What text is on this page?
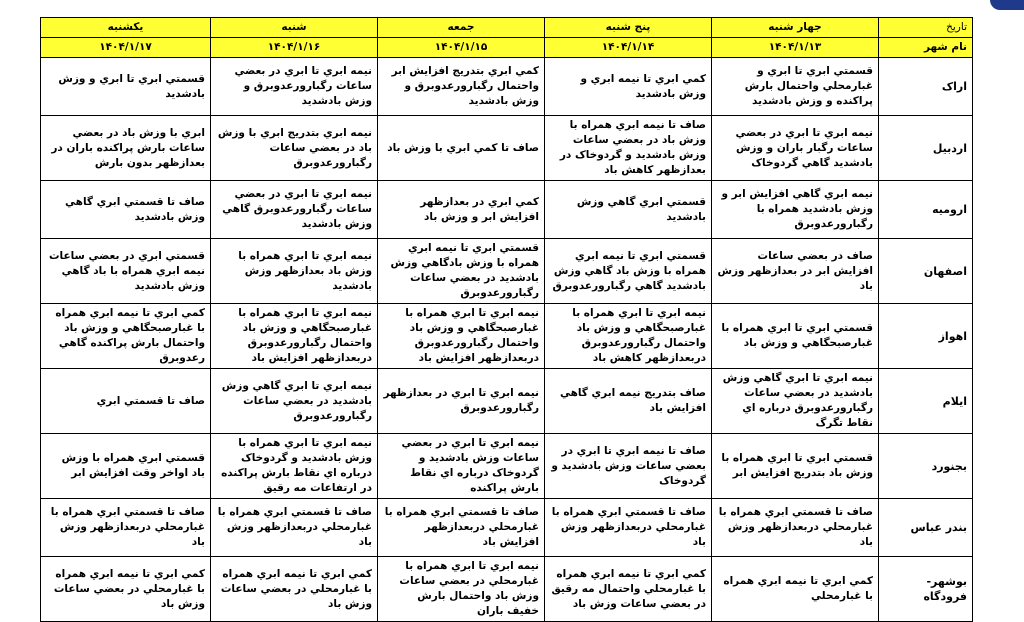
تاریخ	جهار شنبه	پنج شنبه	جمعه	شنبه	یکشنبه
نام شهر	۱۴۰۴/۱/۱۳	۱۴۰۴/۱/۱۴	۱۴۰۴/۱/۱۵	۱۴۰۴/۱/۱۶	۱۴۰۴/۱/۱۷
اراک	قسمتي ابري تا ابري و غبارمحلي واحتمال بارش پراکنده و وزش بادشديد	کمي ابري تا نيمه ابري و وزش بادشديد	کمي ابري بتدريج افزايش ابر واحتمال رگبارورعدوبرق و وزش بادشديد	نيمه ابري تا ابري در بعضي ساعات رگبارورعدوبرق و وزش بادشديد	قسمتي ابري تا ابري و وزش بادشديد
اردبيل	نيمه ابري تا ابري در بعضي ساعات رگبار باران و وزش بادشديد گاهي گردوخاک	صاف تا نيمه ابري همراه با وزش باد در بعضي ساعات وزش بادشديد و گردوخاک در بعدازظهر کاهش باد	صاف تا کمي ابري با وزش باد	نيمه ابري بتدريج ابري با وزش باد در بعضي ساعات رگبارورعدوبرق	ابري با وزش باد در بعضي ساعات بارش پراکنده باران در بعدازظهر بدون بارش
اروميه	نيمه ابري گاهي افزايش ابر و وزش بادشديد همراه با رگبارورعدوبرق	قسمتي ابري گاهي وزش بادشديد	کمي ابري در بعدازظهر افزايش ابر و وزش باد	نيمه ابري تا ابري در بعضي ساعات رگبارورعدوبرق گاهي وزش بادشديد	صاف تا قسمتي ابري گاهي وزش بادشديد
اصفهان	صاف در بعضي ساعات افزايش ابر در بعدازظهر وزش باد	قسمتي ابري تا نيمه ابري همراه با وزش باد گاهي وزش بادشديد گاهي رگبارورعدوبرق	قسمتي ابري تا نيمه ابري همراه با وزش بادگاهي وزش بادشديد در بعضي ساعات رگبارورعدوبرق	نيمه ابري تا ابري همراه با وزش باد بعدازظهر وزش بادشديد	قسمتي ابري در بعضي ساعات نيمه ابري همراه با باد گاهي وزش بادشديد
اهواز	قسمتي ابري تا ابري همراه با غبارصبحگاهي و وزش باد	نيمه ابري تا ابري همراه با غبارصبحگاهي و وزش باد واحتمال رگبارورعدوبرق دربعدازظهر کاهش باد	نيمه ابري تا ابري همراه با غبارصبحگاهي و وزش باد واحتمال رگبارورعدوبرق دربعدازظهر افزايش باد	نيمه ابري تا ابري همراه با غبارصبحگاهي و وزش باد واحتمال رگبارورعدوبرق دربعدازظهر افزايش باد	کمي ابري تا نيمه ابري همراه با غبارصبحگاهي و وزش باد واحتمال بارش پراکنده گاهي رعدوبرق
ايلام	نيمه ابري تا ابري گاهي وزش بادشديد در بعضي ساعات رگبارورعدوبرق درباره اي نقاط تگرگ	صاف بتدريج نيمه ابري گاهي افزايش باد	نيمه ابري تا ابري در بعدازظهر رگبارورعدوبرق	نيمه ابري تا ابري گاهي وزش بادشديد در بعضي ساعات رگبارورعدوبرق	صاف تا قسمتي ابري
بجنورد	قسمتي ابري تا ابري همراه با وزش باد بتدريج افزايش ابر	صاف تا نيمه ابري تا ابري در بعضي ساعات وزش بادشديد و گردوخاک	نيمه ابري تا ابري در بعضي ساعات وزش بادشديد و گردوخاک درباره اي نقاط بارش پراکنده	نيمه ابري تا ابري همراه با وزش بادشديد و گردوخاک درباره اي نقاط بارش پراکنده در ارتفاعات مه رقيق	قسمتي ابري همراه با وزش باد اواخر وقت افزايش ابر
بندر عباس	صاف تا قسمتي ابري همراه با غبارمحلي دربعدازظهر وزش باد	صاف تا قسمتي ابري همراه با غبارمحلي دربعدازظهر وزش باد	صاف تا قسمتي ابري همراه با غبارمحلي دربعدازظهر افزايش باد	صاف تا قسمتي ابري همراه با غبارمحلي دربعدازظهر وزش باد	صاف تا قسمتي ابري همراه با غبارمحلي دربعدازظهر وزش باد
بوشهر- فرودگاه	کمي ابري تا نيمه ابري همراه با غبارمحلي	کمي ابري تا نيمه ابري همراه با غبارمحلي واحتمال مه رقيق در بعضي ساعات وزش باد	نيمه ابري تا ابري همراه با غبارمحلي در بعضي ساعات وزش باد واحتمال بارش خفيف باران	کمي ابري تا نيمه ابري همراه با غبارمحلي در بعضي ساعات وزش باد	کمي ابري تا نيمه ابري همراه با غبارمحلي در بعضي ساعات وزش باد
